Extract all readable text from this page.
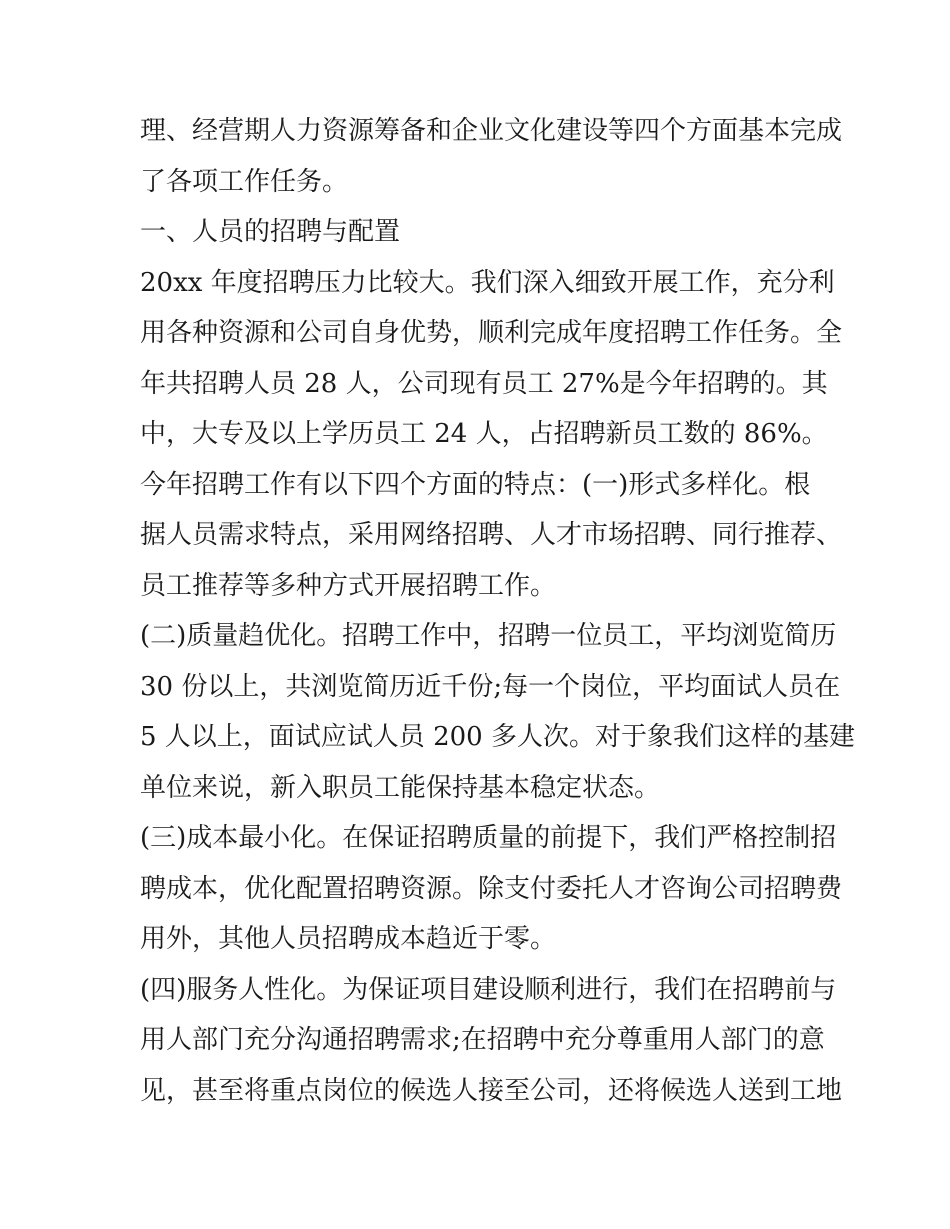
理、经营期人力资源筹备和企业文化建设等四个方面基本完成
了各项工作任务。
一、人员的招聘与配置
20xx 年度招聘压力比较大。我们深入细致开展工作，充分利
用各种资源和公司自身优势，顺利完成年度招聘工作任务。全
年共招聘人员 28 人，公司现有员工 27%是今年招聘的。其
中，大专及以上学历员工 24 人，占招聘新员工数的 86%。
今年招聘工作有以下四个方面的特点：(一)形式多样化。根
据人员需求特点，采用网络招聘、人才市场招聘、同行推荐、
员工推荐等多种方式开展招聘工作。
(二)质量趋优化。招聘工作中，招聘一位员工，平均浏览简历
30 份以上，共浏览简历近千份;每一个岗位，平均面试人员在
5 人以上，面试应试人员 200 多人次。对于象我们这样的基建
单位来说，新入职员工能保持基本稳定状态。
(三)成本最小化。在保证招聘质量的前提下，我们严格控制招
聘成本，优化配置招聘资源。除支付委托人才咨询公司招聘费
用外，其他人员招聘成本趋近于零。
(四)服务人性化。为保证项目建设顺利进行，我们在招聘前与
用人部门充分沟通招聘需求;在招聘中充分尊重用人部门的意
见，甚至将重点岗位的候选人接至公司，还将候选人送到工地
